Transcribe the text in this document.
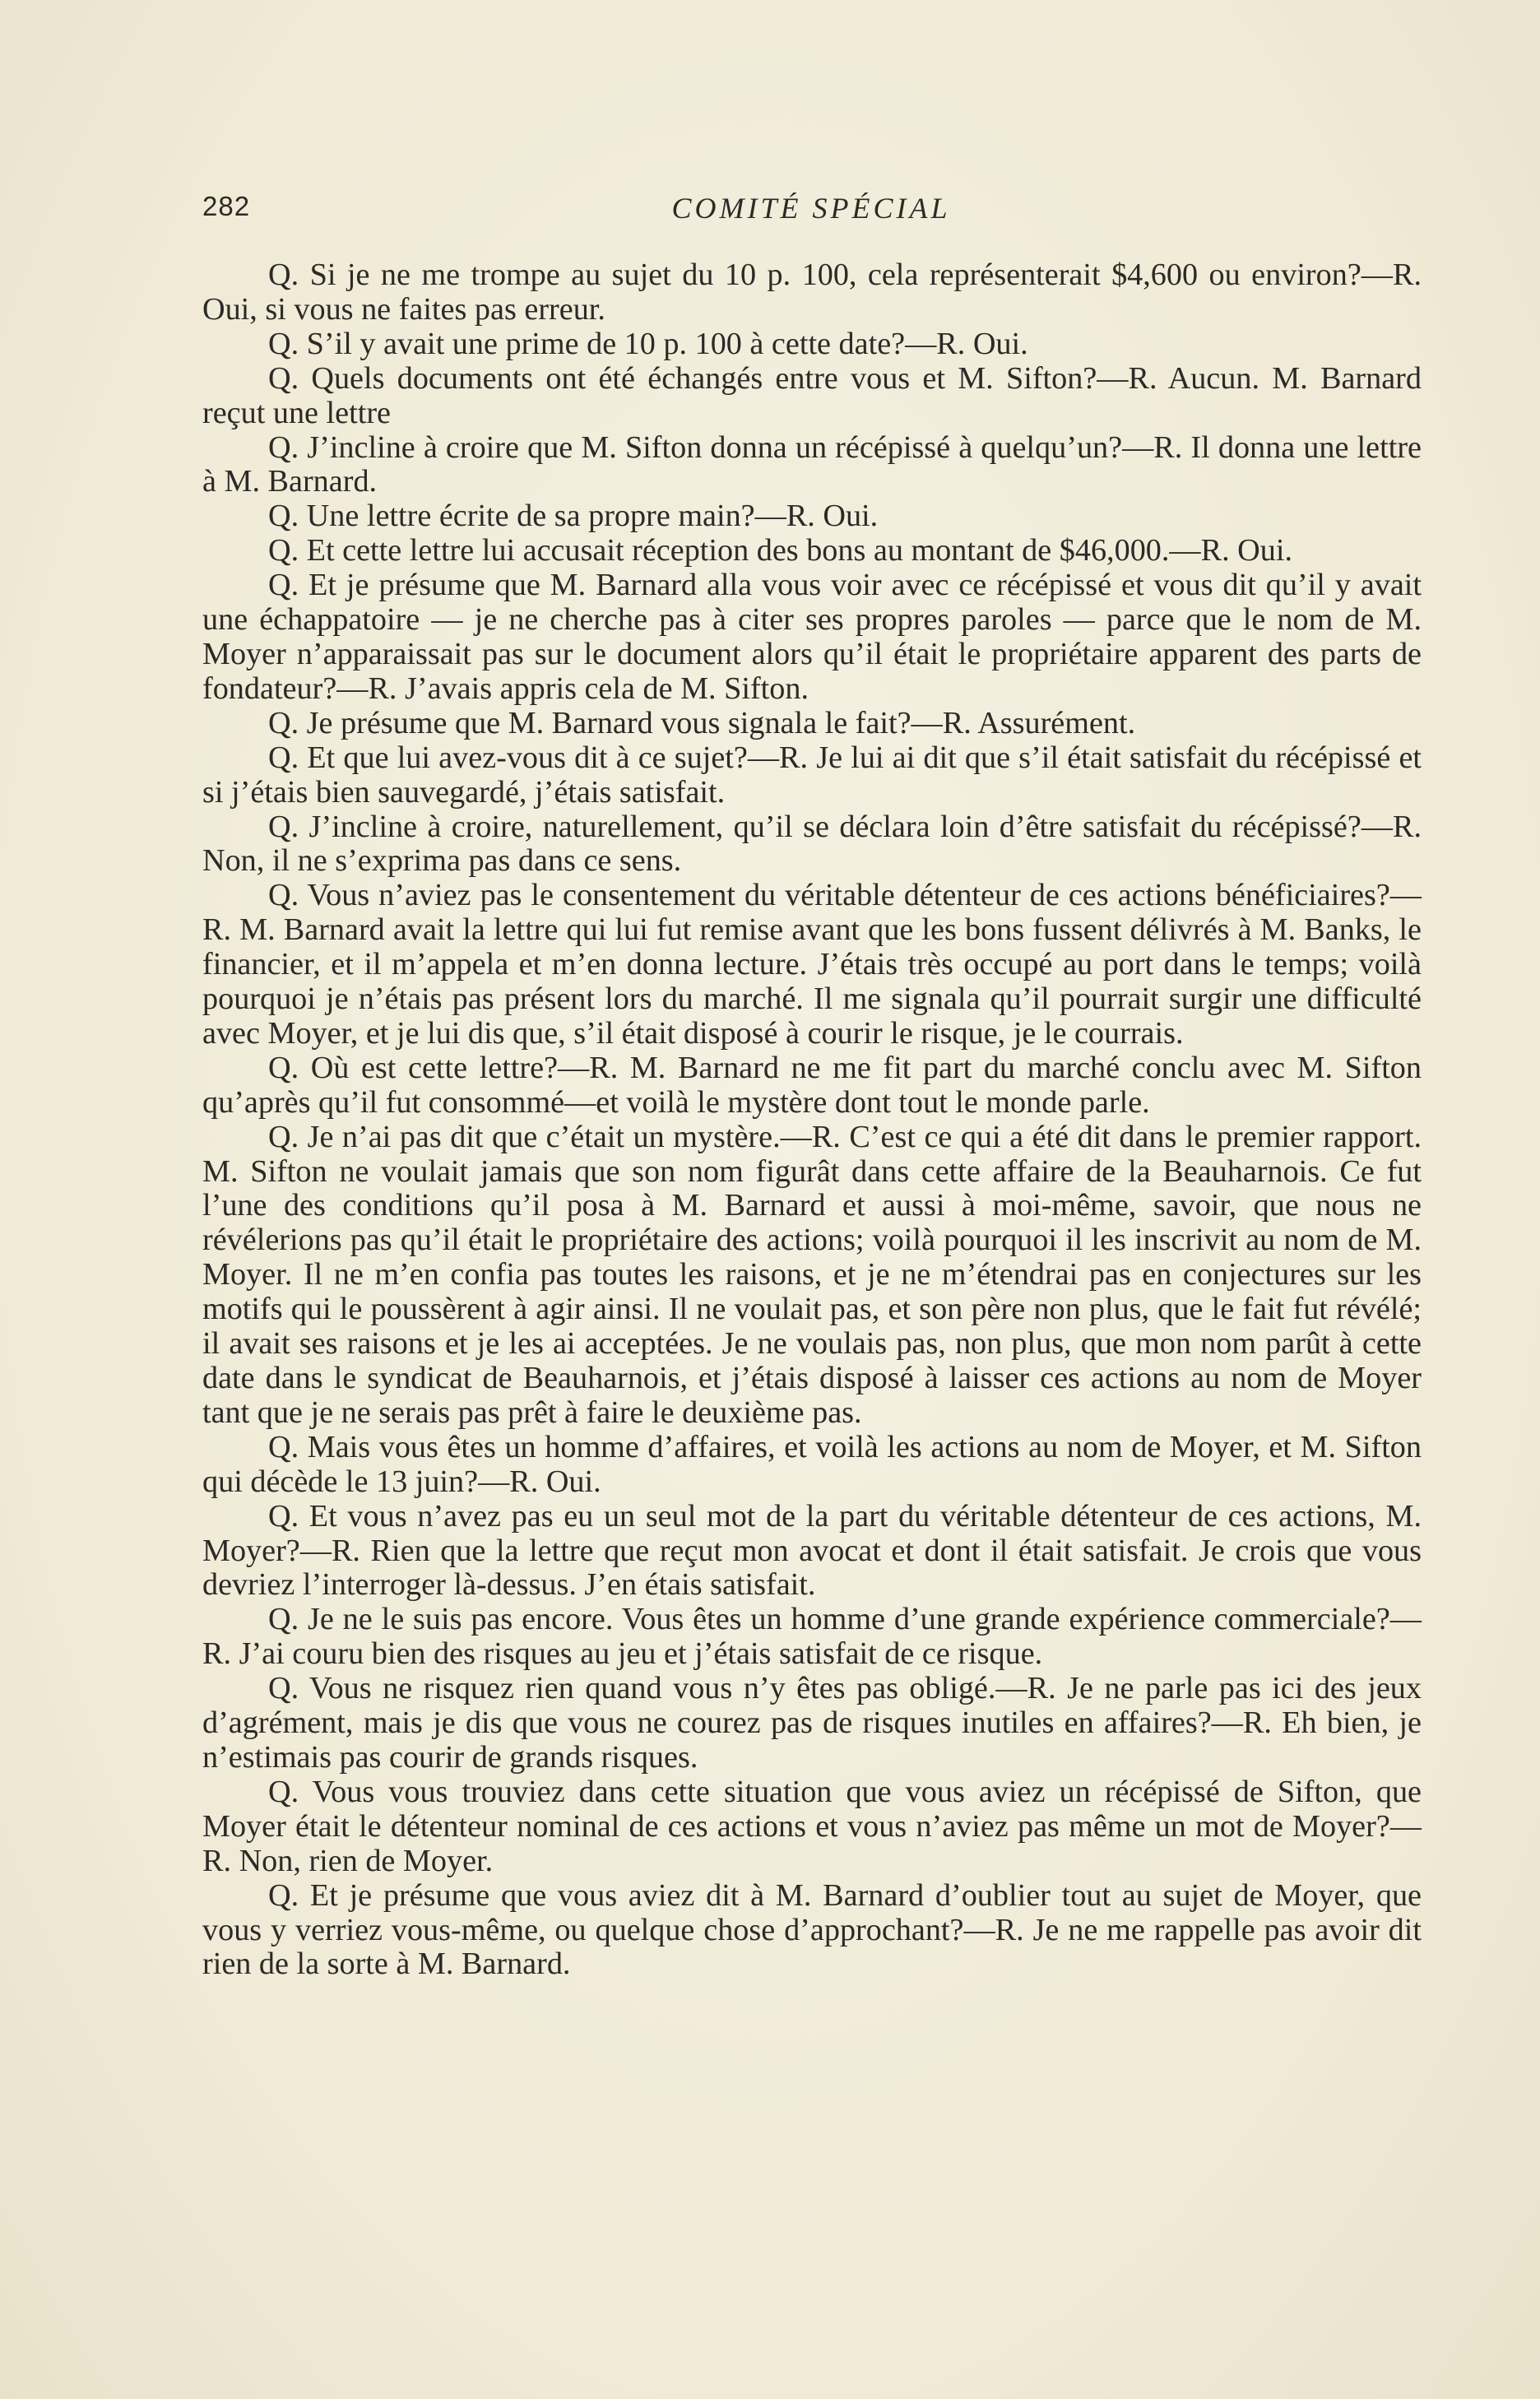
282	COMITÉ SPÉCIAL

Q. Si je ne me trompe au sujet du 10 p. 100, cela représenterait $4,600 ou environ?—R. Oui, si vous ne faites pas erreur.

Q. S’il y avait une prime de 10 p. 100 à cette date?—R. Oui.

Q. Quels documents ont été échangés entre vous et M. Sifton?—R. Aucun. M. Barnard reçut une lettre

Q. J’incline à croire que M. Sifton donna un récépissé à quelqu’un?—R. Il donna une lettre à M. Barnard.

Q. Une lettre écrite de sa propre main?—R. Oui.

Q. Et cette lettre lui accusait réception des bons au montant de $46,000.—R. Oui.

Q. Et je présume que M. Barnard alla vous voir avec ce récépissé et vous dit qu’il y avait une échappatoire — je ne cherche pas à citer ses propres paroles — parce que le nom de M. Moyer n’apparaissait pas sur le document alors qu’il était le propriétaire apparent des parts de fondateur?—R. J’avais appris cela de M. Sifton.

Q. Je présume que M. Barnard vous signala le fait?—R. Assurément.

Q. Et que lui avez-vous dit à ce sujet?—R. Je lui ai dit que s’il était satisfait du récépissé et si j’étais bien sauvegardé, j’étais satisfait.

Q. J’incline à croire, naturellement, qu’il se déclara loin d’être satisfait du récépissé?—R. Non, il ne s’exprima pas dans ce sens.

Q. Vous n’aviez pas le consentement du véritable détenteur de ces actions bénéficiaires?—R. M. Barnard avait la lettre qui lui fut remise avant que les bons fussent délivrés à M. Banks, le financier, et il m’appela et m’en donna lecture. J’étais très occupé au port dans le temps; voilà pourquoi je n’étais pas présent lors du marché. Il me signala qu’il pourrait surgir une difficulté avec Moyer, et je lui dis que, s’il était disposé à courir le risque, je le courrais.

Q. Où est cette lettre?—R. M. Barnard ne me fit part du marché conclu avec M. Sifton qu’après qu’il fut consommé—et voilà le mystère dont tout le monde parle.

Q. Je n’ai pas dit que c’était un mystère.—R. C’est ce qui a été dit dans le premier rapport. M. Sifton ne voulait jamais que son nom figurât dans cette affaire de la Beauharnois. Ce fut l’une des conditions qu’il posa à M. Barnard et aussi à moi-même, savoir, que nous ne révélerions pas qu’il était le propriétaire des actions; voilà pourquoi il les inscrivit au nom de M. Moyer. Il ne m’en confia pas toutes les raisons, et je ne m’étendrai pas en conjectures sur les motifs qui le poussèrent à agir ainsi. Il ne voulait pas, et son père non plus, que le fait fut révélé; il avait ses raisons et je les ai acceptées. Je ne voulais pas, non plus, que mon nom parût à cette date dans le syndicat de Beauharnois, et j’étais disposé à laisser ces actions au nom de Moyer tant que je ne serais pas prêt à faire le deuxième pas.

Q. Mais vous êtes un homme d’affaires, et voilà les actions au nom de Moyer, et M. Sifton qui décède le 13 juin?—R. Oui.

Q. Et vous n’avez pas eu un seul mot de la part du véritable détenteur de ces actions, M. Moyer?—R. Rien que la lettre que reçut mon avocat et dont il était satisfait. Je crois que vous devriez l’interroger là-dessus. J’en étais satisfait.

Q. Je ne le suis pas encore. Vous êtes un homme d’une grande expérience commerciale?—R. J’ai couru bien des risques au jeu et j’étais satisfait de ce risque.

Q. Vous ne risquez rien quand vous n’y êtes pas obligé.—R. Je ne parle pas ici des jeux d’agrément, mais je dis que vous ne courez pas de risques inutiles en affaires?—R. Eh bien, je n’estimais pas courir de grands risques.

Q. Vous vous trouviez dans cette situation que vous aviez un récépissé de Sifton, que Moyer était le détenteur nominal de ces actions et vous n’aviez pas même un mot de Moyer?—R. Non, rien de Moyer.

Q. Et je présume que vous aviez dit à M. Barnard d’oublier tout au sujet de Moyer, que vous y verriez vous-même, ou quelque chose d’approchant?—R. Je ne me rappelle pas avoir dit rien de la sorte à M. Barnard.
